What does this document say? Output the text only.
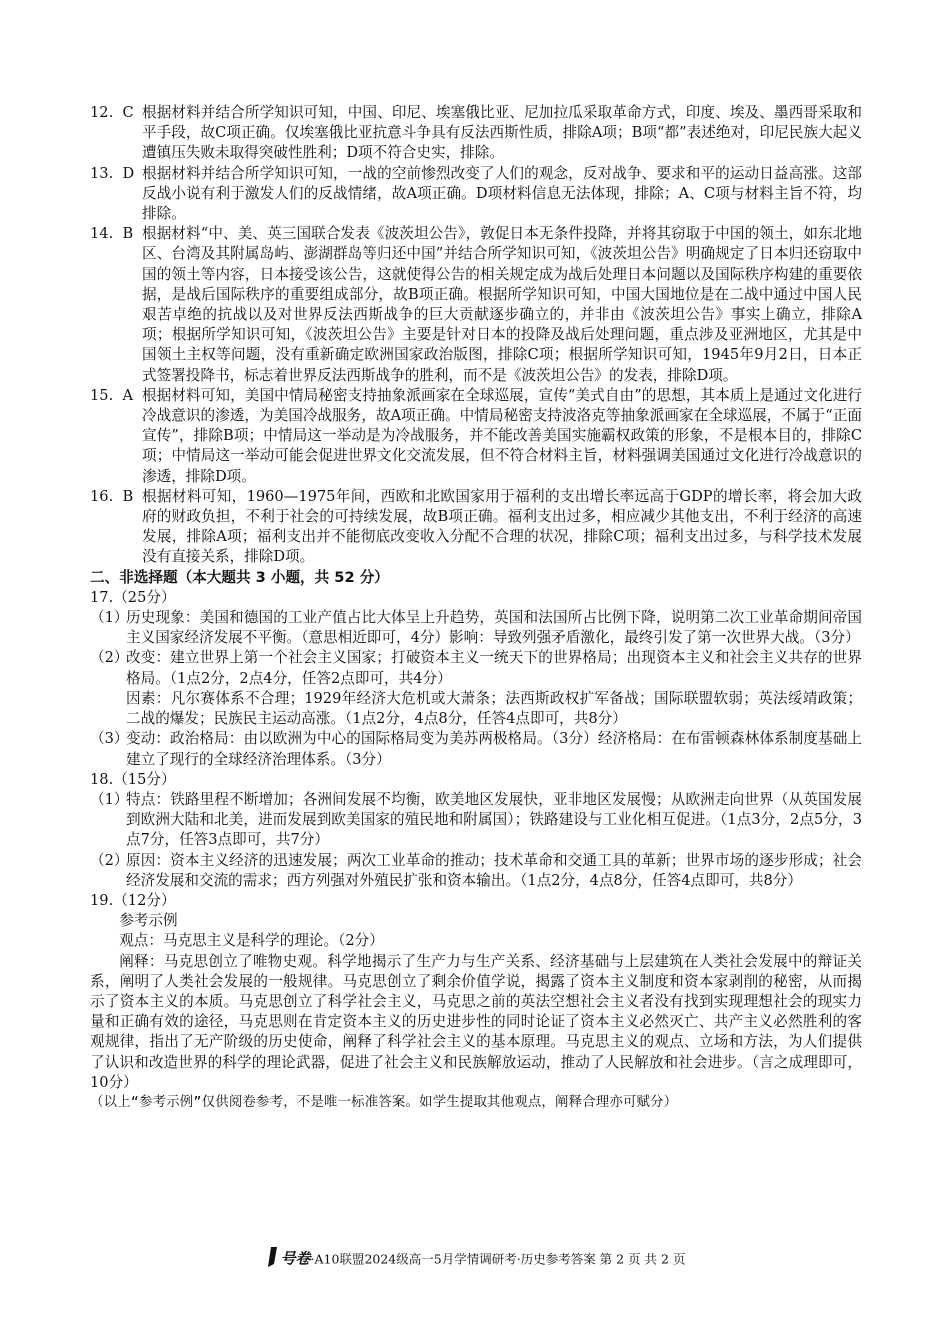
12.  C 根据材料并结合所学知识可知，中国、印尼、埃塞俄比亚、尼加拉瓜采取革命方式，印度、埃及、墨西哥采取和平手段，故C项正确。仅埃塞俄比亚抗意斗争具有反法西斯性质，排除A项；B项“都”表述绝对，印尼民族大起义遭镇压失败未取得突破性胜利；D项不符合史实，排除。
13.  D 根据材料并结合所学知识可知，一战的空前惨烈改变了人们的观念，反对战争、要求和平的运动日益高涨。这部反战小说有利于激发人们的反战情绪，故A项正确。D项材料信息无法体现，排除；A、C项与材料主旨不符，均排除。
14.  B 根据材料“中、美、英三国联合发表《波茨坦公告》，敦促日本无条件投降，并将其窃取于中国的领土，如东北地区、台湾及其附属岛屿、澎湖群岛等归还中国”并结合所学知识可知，《波茨坦公告》明确规定了日本归还窃取中国的领土等内容，日本接受该公告，这就使得公告的相关规定成为战后处理日本问题以及国际秩序构建的重要依据，是战后国际秩序的重要组成部分，故B项正确。根据所学知识可知，中国大国地位是在二战中通过中国人民艰苦卓绝的抗战以及对世界反法西斯战争的巨大贡献逐步确立的，并非由《波茨坦公告》事实上确立，排除A项；根据所学知识可知，《波茨坦公告》主要是针对日本的投降及战后处理问题，重点涉及亚洲地区，尤其是中国领土主权等问题，没有重新确定欧洲国家政治版图，排除C项；根据所学知识可知，1945年9月2日，日本正式签署投降书，标志着世界反法西斯战争的胜利，而不是《波茨坦公告》的发表，排除D项。
15.  A 根据材料可知，美国中情局秘密支持抽象派画家在全球巡展，宣传“美式自由”的思想，其本质上是通过文化进行冷战意识的渗透，为美国冷战服务，故A项正确。中情局秘密支持波洛克等抽象派画家在全球巡展，不属于“正面宣传”，排除B项；中情局这一举动是为冷战服务，并不能改善美国实施霸权政策的形象，不是根本目的，排除C项；中情局这一举动可能会促进世界文化交流发展，但不符合材料主旨，材料强调美国通过文化进行冷战意识的渗透，排除D项。
16.  B 根据材料可知，1960—1975年间，西欧和北欧国家用于福利的支出增长率远高于GDP的增长率，将会加大政府的财政负担，不利于社会的可持续发展，故B项正确。福利支出过多，相应减少其他支出，不利于经济的高速发展，排除A项；福利支出并不能彻底改变收入分配不合理的状况，排除C项；福利支出过多，与科学技术发展没有直接关系，排除D项。
二、非选择题（本大题共 3 小题，共 52 分）
17.（25分）
（1）
历史现象：美国和德国的工业产值占比大体呈上升趋势，英国和法国所占比例下降，说明第二次工业革命期间帝国主义国家经济发展不平衡。（意思相近即可，4分）影响：导致列强矛盾激化，最终引发了第一次世界大战。（3分）
（2）
改变：建立世界上第一个社会主义国家；打破资本主义一统天下的世界格局；出现资本主义和社会主义共存的世界格局。（1点2分，2点4分，任答2点即可，共4分）
因素：凡尔赛体系不合理；1929年经济大危机或大萧条；法西斯政权扩军备战；国际联盟软弱；英法绥靖政策；二战的爆发；民族民主运动高涨。（1点2分，4点8分，任答4点即可，共8分）
（3）
变动：政治格局：由以欧洲为中心的国际格局变为美苏两极格局。（3分）经济格局：在布雷顿森林体系制度基础上建立了现行的全球经济治理体系。（3分）
18.（15分）
（1）
特点：铁路里程不断增加；各洲间发展不均衡，欧美地区发展快，亚非地区发展慢；从欧洲走向世界（从英国发展到欧洲大陆和北美，进而发展到欧美国家的殖民地和附属国）；铁路建设与工业化相互促进。（1点3分，2点5分，3点7分，任答3点即可，共7分）
（2）
原因：资本主义经济的迅速发展；两次工业革命的推动；技术革命和交通工具的革新；世界市场的逐步形成；社会经济发展和交流的需求；西方列强对外殖民扩张和资本输出。（1点2分，4点8分，任答4点即可，共8分）
19.（12分）
参考示例
观点：马克思主义是科学的理论。（2分）
阐释：马克思创立了唯物史观。科学地揭示了生产力与生产关系、经济基础与上层建筑在人类社会发展中的辩证关系，阐明了人类社会发展的一般规律。马克思创立了剩余价值学说，揭露了资本主义制度和资本家剥削的秘密，从而揭示了资本主义的本质。马克思创立了科学社会主义，马克思之前的英法空想社会主义者没有找到实现理想社会的现实力量和正确有效的途径，马克思则在肯定资本主义的历史进步性的同时论证了资本主义必然灭亡、共产主义必然胜利的客观规律，指出了无产阶级的历史使命，阐释了科学社会主义的基本原理。马克思主义的观点、立场和方法，为人们提供了认识和改造世界的科学的理论武器，促进了社会主义和民族解放运动，推动了人民解放和社会进步。（言之成理即可，10分）
（以上“参考示例”仅供阅卷参考，不是唯一标准答案。如学生提取其他观点，阐释合理亦可赋分）
号卷·A10联盟2024级高一5月学情调研考·历史参考答案 第 2 页 共 2 页
